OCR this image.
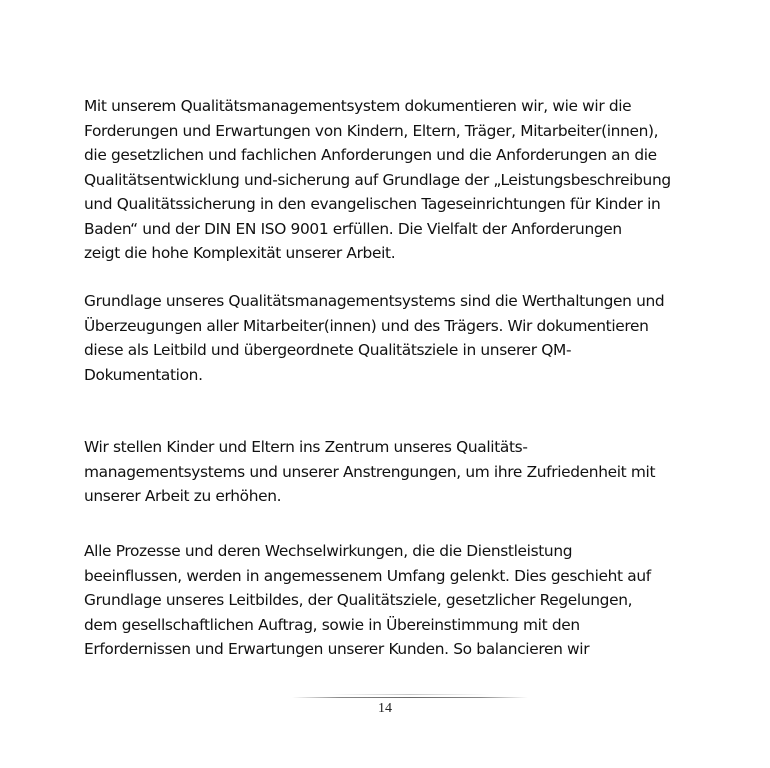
Mit unserem Qualitätsmanagementsystem dokumentieren wir, wie wir die
Forderungen und Erwartungen von Kindern, Eltern, Träger, Mitarbeiter(innen),
die gesetzlichen und fachlichen Anforderungen und die Anforderungen an die
Qualitätsentwicklung und-sicherung auf Grundlage der „Leistungsbeschreibung
und Qualitätssicherung in den evangelischen Tageseinrichtungen für Kinder in
Baden“ und der DIN EN ISO 9001 erfüllen. Die Vielfalt der Anforderungen
zeigt die hohe Komplexität unserer Arbeit.
Grundlage unseres Qualitätsmanagementsystems sind die Werthaltungen und
Überzeugungen aller Mitarbeiter(innen) und des Trägers. Wir dokumentieren
diese als Leitbild und übergeordnete Qualitätsziele in unserer QM-
Dokumentation.
Wir stellen Kinder und Eltern ins Zentrum unseres Qualitäts-
managementsystems und unserer Anstrengungen, um ihre Zufriedenheit mit
unserer Arbeit zu erhöhen.
Alle Prozesse und deren Wechselwirkungen, die die Dienstleistung
beeinflussen, werden in angemessenem Umfang gelenkt. Dies geschieht auf
Grundlage unseres Leitbildes, der Qualitätsziele, gesetzlicher Regelungen,
dem gesellschaftlichen Auftrag, sowie in Übereinstimmung mit den
Erfordernissen und Erwartungen unserer Kunden. So balancieren wir
14
